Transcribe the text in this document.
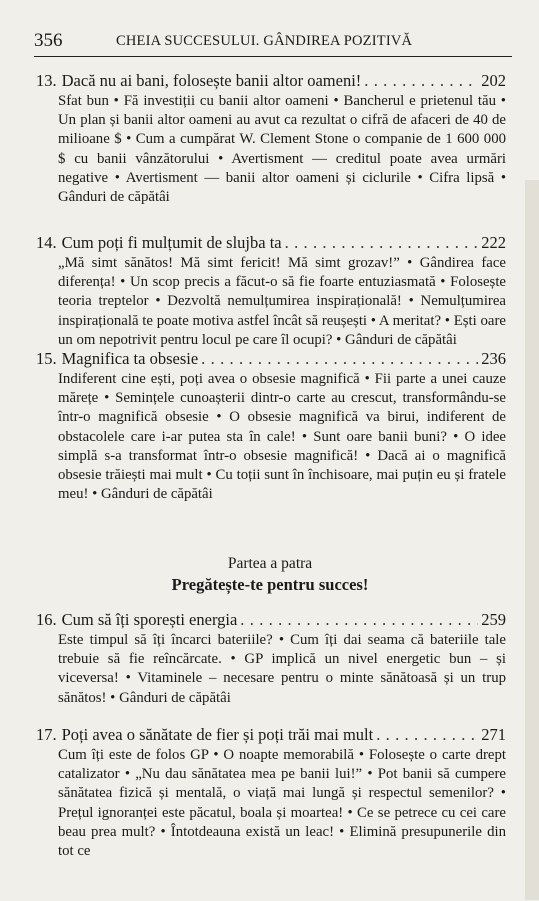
356	CHEIA SUCCESULUI. GÂNDIREA POZITIVĂ
13. Dacă nu ai bani, folosește banii altor oameni! . . .	202
Sfat bun • Fă investiții cu banii altor oameni • Bancherul e prietenul tău • Un plan și banii altor oameni au avut ca rezultat o cifră de afaceri de 40 de milioane $ • Cum a cumpărat W. Clement Stone o companie de 1 600 000 $ cu banii vânzătorului • Avertisment — creditul poate avea urmări negative • Avertisment — banii altor oameni și ciclurile • Cifra lipsă • Gânduri de căpătâi
14. Cum poți fi mulțumit de slujba ta . . .	222
„Mă simt sănătos! Mă simt fericit! Mă simt grozav!” • Gândirea face diferența! • Un scop precis a făcut-o să fie foarte entuziasmată • Folosește teoria treptelor • Dezvoltă nemulțumirea inspirațională! • Nemulțumirea inspirațională te poate motiva astfel încât să reușești • A meritat? • Ești oare un om nepotrivit pentru locul pe care îl ocupi? • Gânduri de căpătâi
15. Magnifica ta obsesie . . .	236
Indiferent cine ești, poți avea o obsesie magnifică • Fii parte a unei cauze mărețe • Semințele cunoașterii dintr-o carte au crescut, transformându-se într-o magnifică obsesie • O obsesie magnifică va birui, indiferent de obstacolele care i-ar putea sta în cale! • Sunt oare banii buni? • O idee simplă s-a transformat într-o obsesie magnifică! • Dacă ai o magnifică obsesie trăiești mai mult • Cu toții sunt în închisoare, mai puțin eu și fratele meu! • Gânduri de căpătâi
Partea a patra
Pregătește-te pentru succes!
16. Cum să îți sporești energia . . .	259
Este timpul să îți încarci bateriile? • Cum îți dai seama că bateriile tale trebuie să fie reîncărcate. • GP implică un nivel energetic bun – și viceversa! • Vitaminele – necesare pentru o minte sănătoasă și un trup sănătos! • Gânduri de căpătâi
17. Poți avea o sănătate de fier și poți trăi mai mult . . .	271
Cum îți este de folos GP • O noapte memorabilă • Folosește o carte drept catalizator • „Nu dau sănătatea mea pe banii lui!” • Pot banii să cumpere sănătatea fizică și mentală, o viață mai lungă și respectul semenilor? • Prețul ignoranței este păcatul, boala și moartea! • Ce se petrece cu cei care beau prea mult? • Întotdeauna există un leac! • Elimină presupunerile din tot ce
